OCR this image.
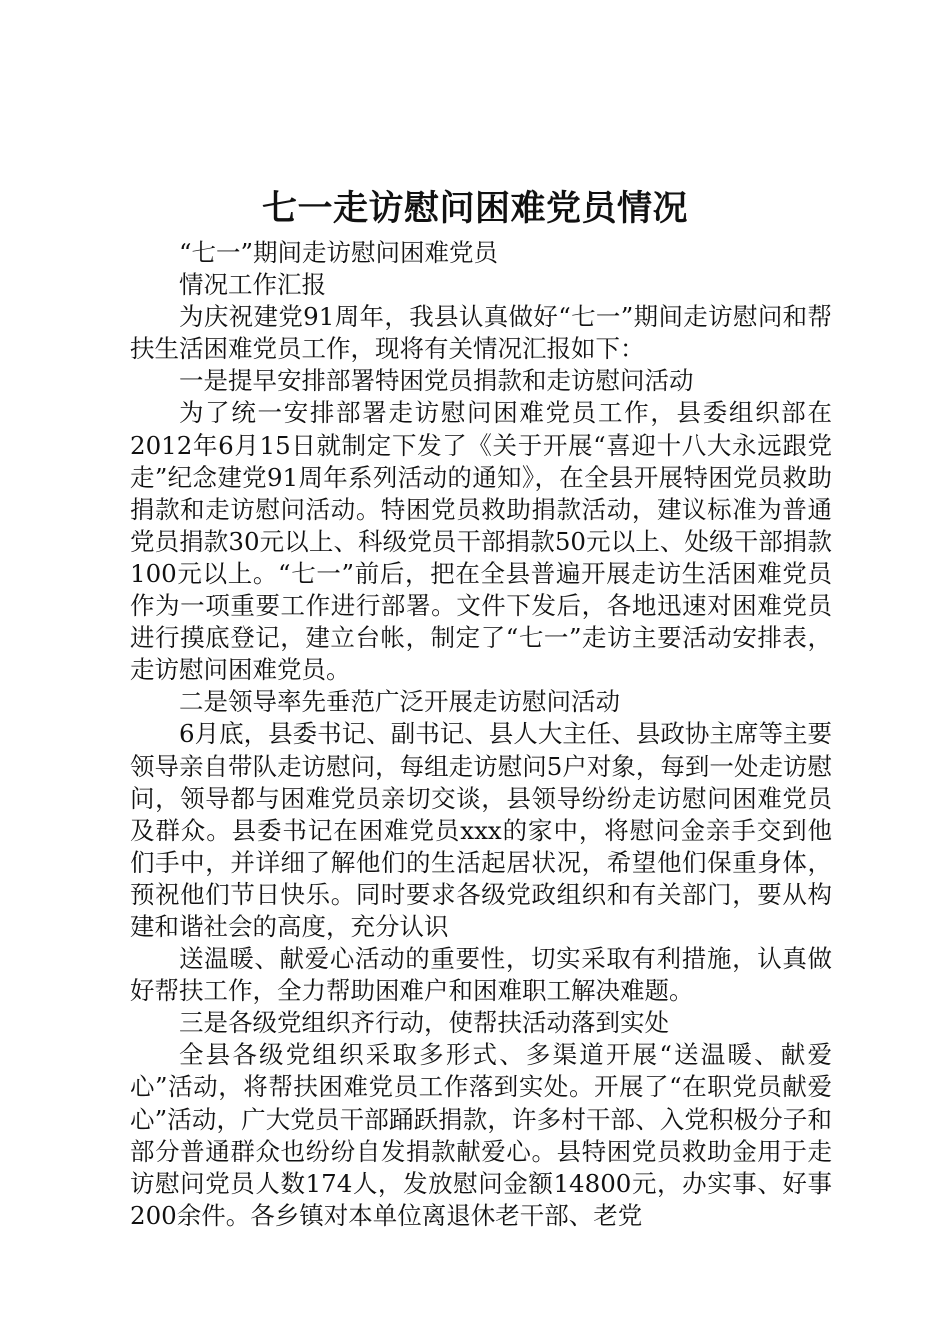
七一走访慰问困难党员情况

“七一”期间走访慰问困难党员

情况工作汇报

为庆祝建党91周年，我县认真做好“七一”期间走访慰问和帮扶生活困难党员工作，现将有关情况汇报如下：

一是提早安排部署特困党员捐款和走访慰问活动

为了统一安排部署走访慰问困难党员工作，县委组织部在2012年6月15日就制定下发了《关于开展“喜迎十八大永远跟党走”纪念建党91周年系列活动的通知》，在全县开展特困党员救助捐款和走访慰问活动。特困党员救助捐款活动，建议标准为普通党员捐款30元以上、科级党员干部捐款50元以上、处级干部捐款100元以上。“七一”前后，把在全县普遍开展走访生活困难党员作为一项重要工作进行部署。文件下发后，各地迅速对困难党员进行摸底登记，建立台帐，制定了“七一”走访主要活动安排表，走访慰问困难党员。

二是领导率先垂范广泛开展走访慰问活动

6月底，县委书记、副书记、县人大主任、县政协主席等主要领导亲自带队走访慰问，每组走访慰问5户对象，每到一处走访慰问，领导都与困难党员亲切交谈，县领导纷纷走访慰问困难党员及群众。县委书记在困难党员xxx的家中，将慰问金亲手交到他们手中，并详细了解他们的生活起居状况，希望他们保重身体，预祝他们节日快乐。同时要求各级党政组织和有关部门，要从构建和谐社会的高度，充分认识

送温暖、献爱心活动的重要性，切实采取有利措施，认真做好帮扶工作，全力帮助困难户和困难职工解决难题。

三是各级党组织齐行动，使帮扶活动落到实处

全县各级党组织采取多形式、多渠道开展“送温暖、献爱心”活动，将帮扶困难党员工作落到实处。开展了“在职党员献爱心”活动，广大党员干部踊跃捐款，许多村干部、入党积极分子和部分普通群众也纷纷自发捐款献爱心。县特困党员救助金用于走访慰问党员人数174人，发放慰问金额14800元，办实事、好事200余件。各乡镇对本单位离退休老干部、老党
